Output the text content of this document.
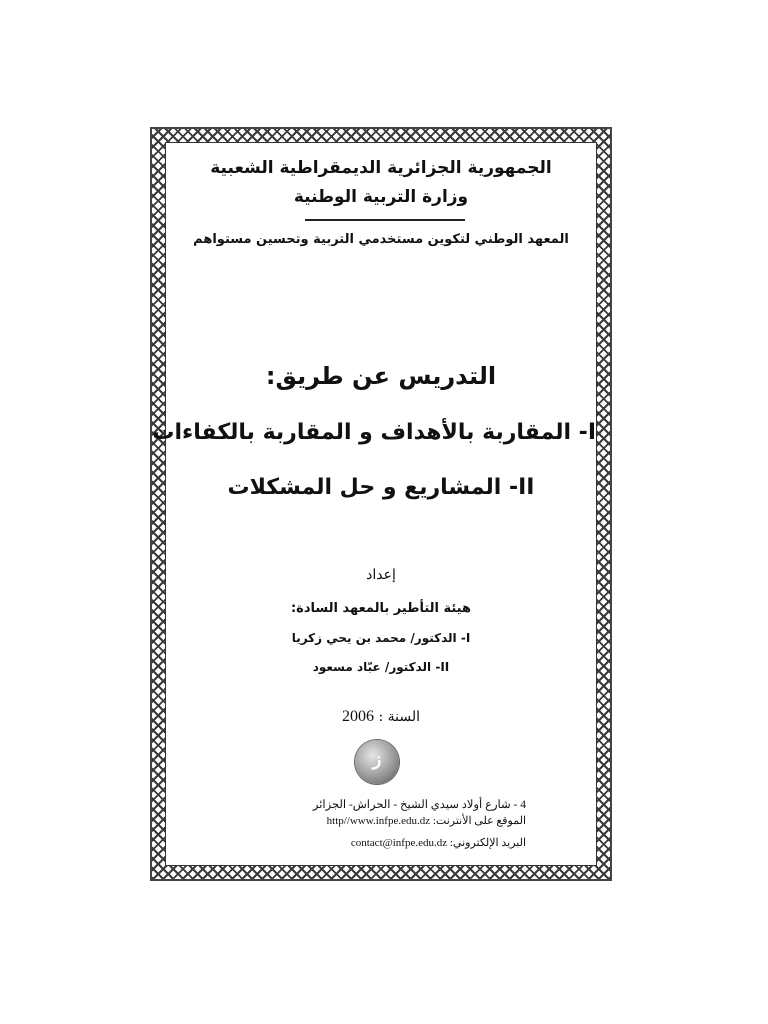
الجمهورية الجزائرية الديمقراطية الشعبية
وزارة التربية الوطنية
المعهد الوطني لتكوين مستخدمي التربية وتحسين مستواهم
التدريس عن طريق:
I- المقاربة بالأهداف و المقاربة بالكفاءات
II- المشاريع و حل المشكلات
إعداد
هيئة التأطير بالمعهد السادة:
I- الدكتور/ محمد بن يحي زكريا
II- الدكتور/ عبّاد مسعود
السنة : 2006
ز
4 - شارع أولاد سيدي الشيخ - الحراش- الجزائر
الموقع على الأنترنت: http//www.infpe.edu.dz
البريد الإلكتروني: contact@infpe.edu.dz
